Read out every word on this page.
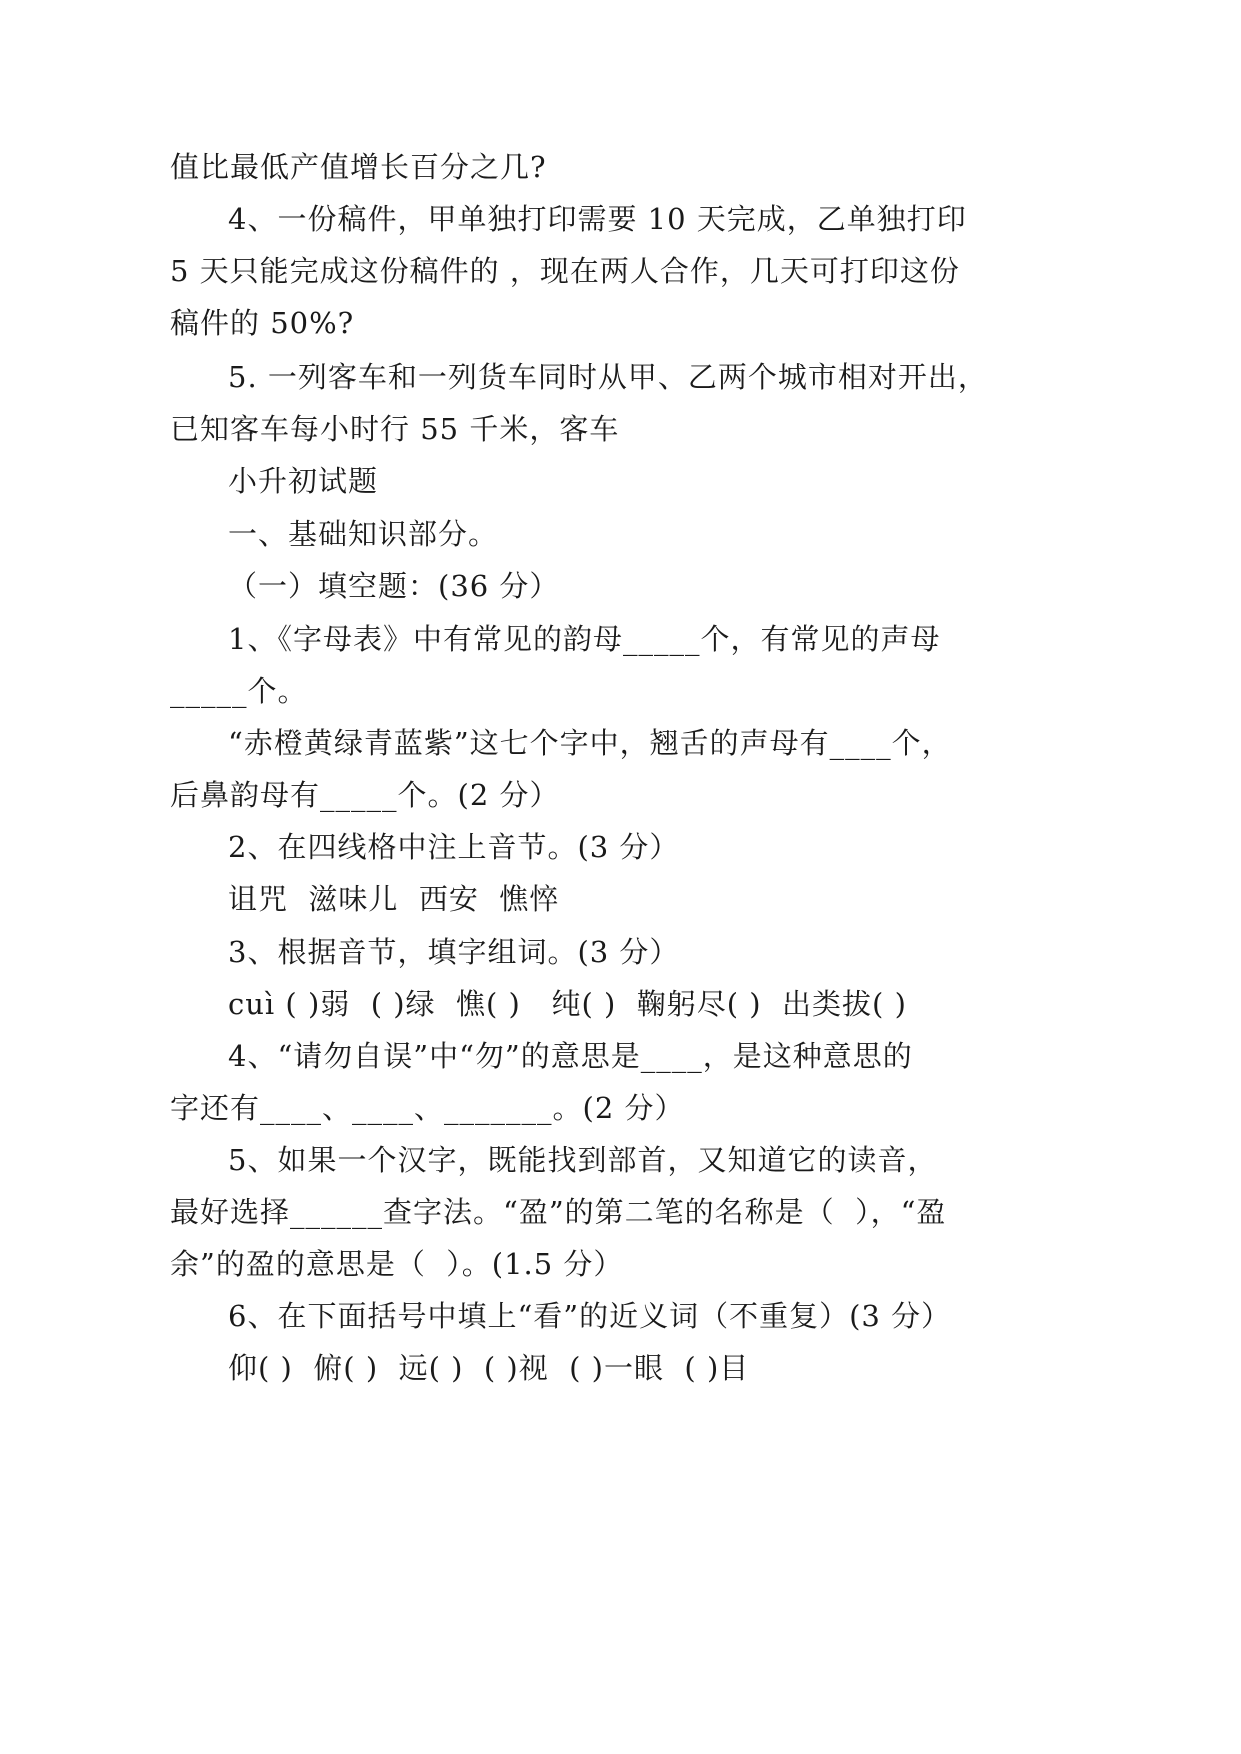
值比最低产值增长百分之几?
4、一份稿件，甲单独打印需要 10 天完成，乙单独打印
5 天只能完成这份稿件的 ，现在两人合作，几天可打印这份
稿件的 50%?
5. 一列客车和一列货车同时从甲、乙两个城市相对开出，
已知客车每小时行 55 千米，客车
小升初试题
一、基础知识部分。
（一）填空题：(36 分）
1、《字母表》中有常见的韵母_____个，有常见的声母
_____个。
“赤橙黄绿青蓝紫”这七个字中，翘舌的声母有____个，
后鼻韵母有_____个。(2 分）
2、在四线格中注上音节。(3 分）
诅咒  滋味儿  西安  憔悴
3、根据音节，填字组词。(3 分）
cuì ( )弱  ( )绿  憔( )   纯( )  鞠躬尽( )  出类拔( )
4、“请勿自误”中“勿”的意思是____，是这种意思的
字还有____、____、_______。(2 分）
5、如果一个汉字，既能找到部首，又知道它的读音，
最好选择______查字法。“盈”的第二笔的名称是（  ），“盈
余”的盈的意思是（  ）。(1.5 分）
6、在下面括号中填上“看”的近义词（不重复）(3 分）
仰( )  俯( )  远( )  ( )视  ( )一眼  ( )目
